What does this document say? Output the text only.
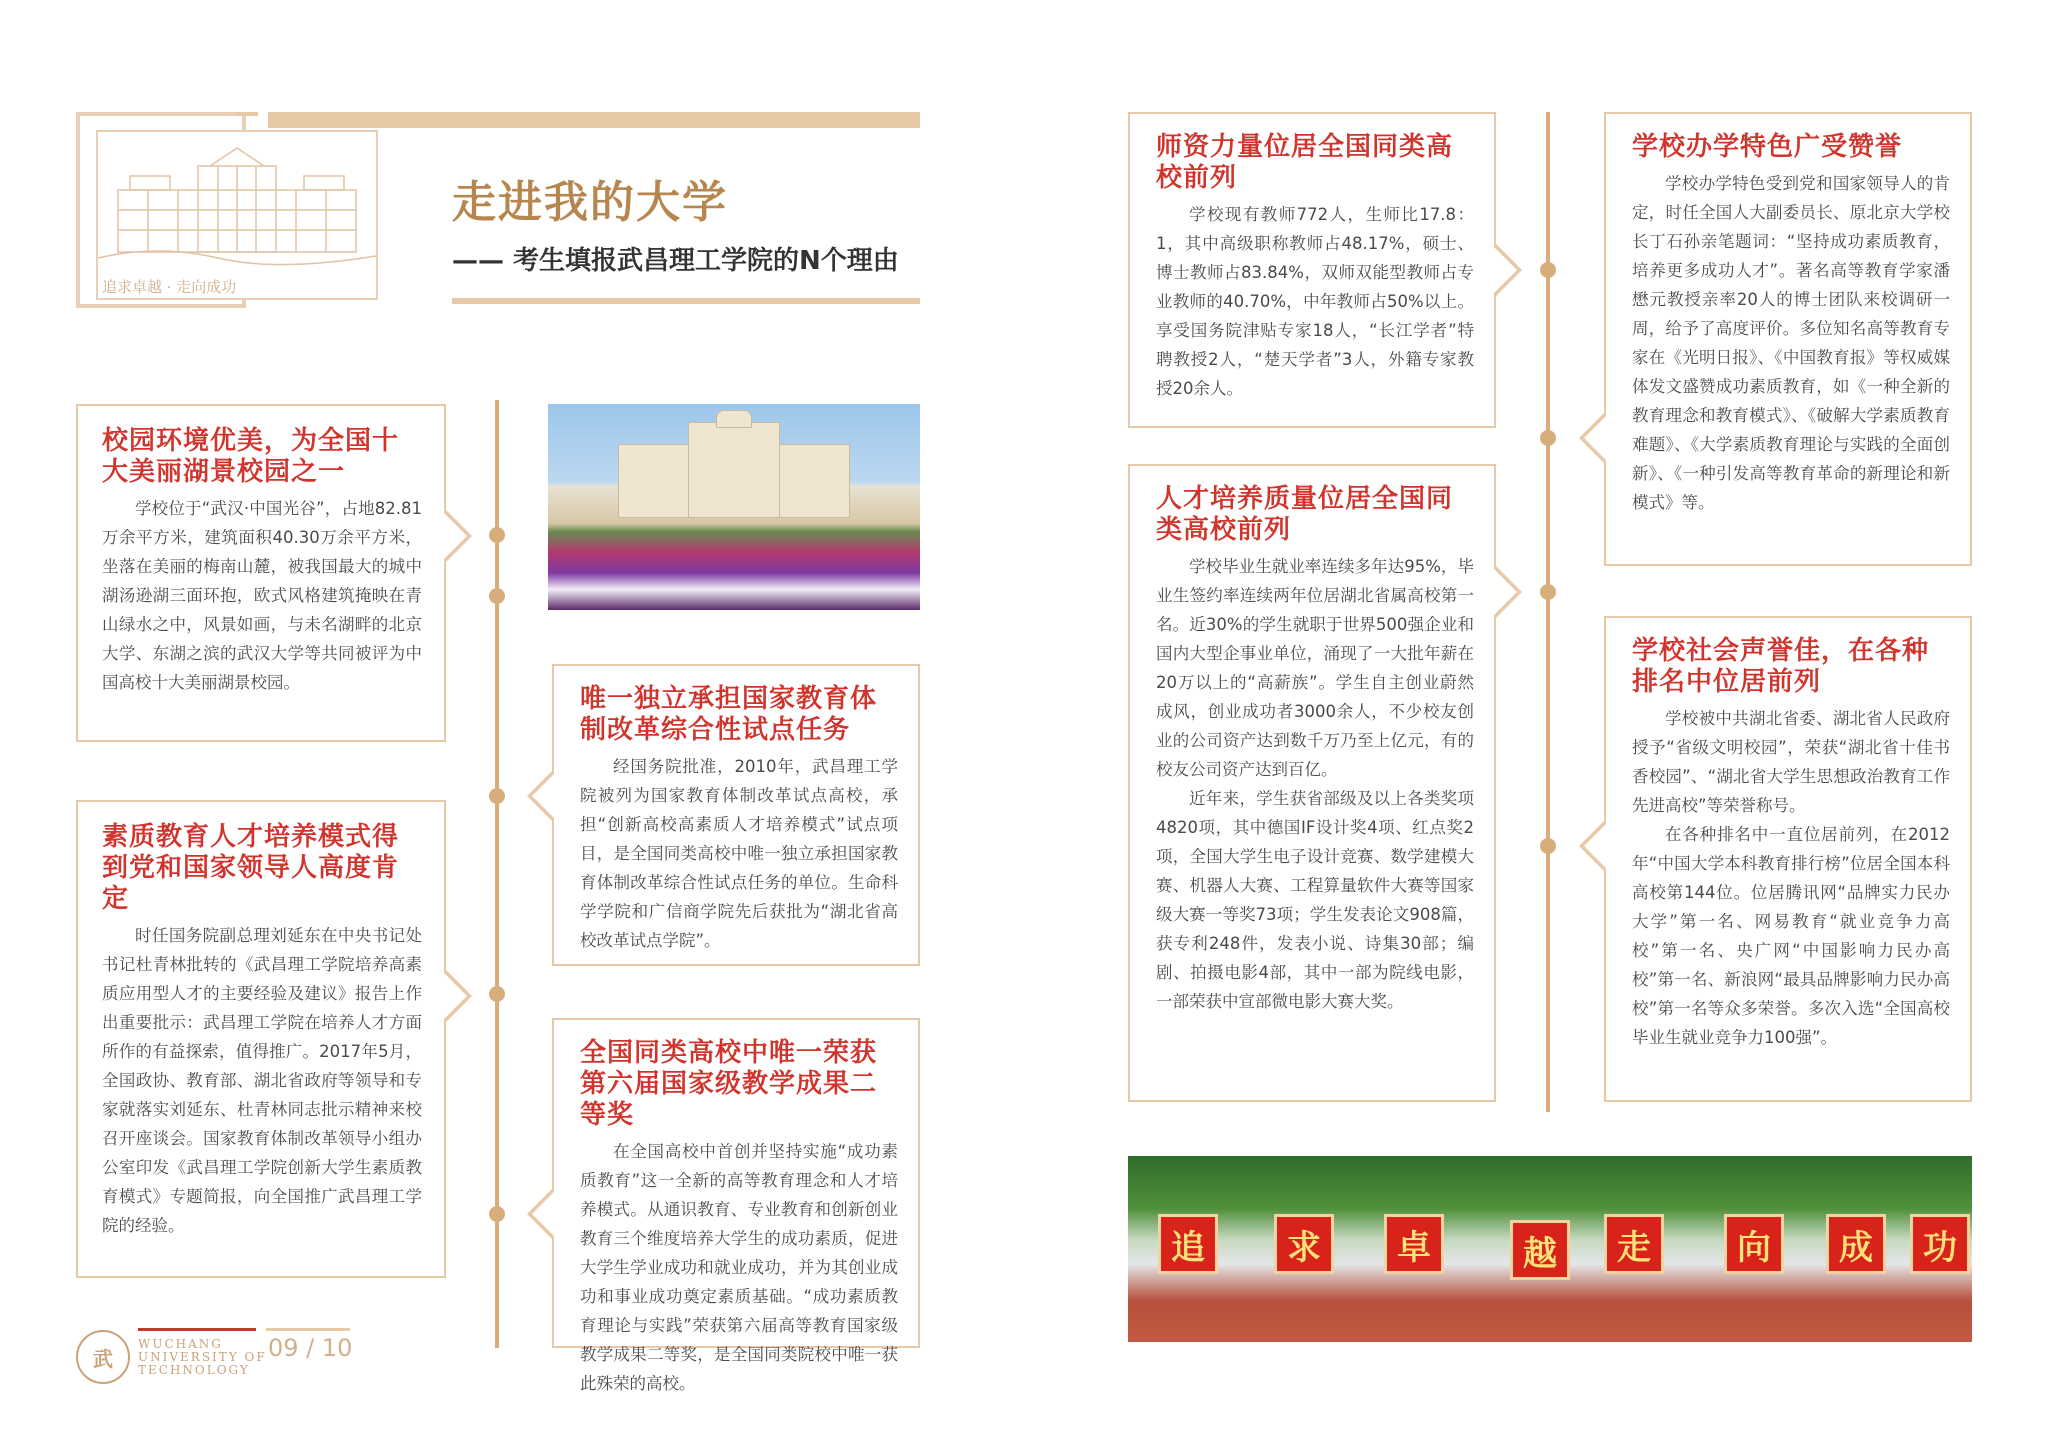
追求卓越 · 走向成功
走进我的大学
—— 考生填报武昌理工学院的N个理由
校园环境优美，为全国十大美丽湖景校园之一

学校位于“武汉·中国光谷”，占地82.81万余平方米，建筑面积40.30万余平方米，坐落在美丽的梅南山麓，被我国最大的城中湖汤逊湖三面环抱，欧式风格建筑掩映在青山绿水之中，风景如画，与未名湖畔的北京大学、东湖之滨的武汉大学等共同被评为中国高校十大美丽湖景校园。

素质教育人才培养模式得到党和国家领导人高度肯定

时任国务院副总理刘延东在中央书记处书记杜青林批转的《武昌理工学院培养高素质应用型人才的主要经验及建议》报告上作出重要批示：武昌理工学院在培养人才方面所作的有益探索，值得推广。2017年5月，全国政协、教育部、湖北省政府等领导和专家就落实刘延东、杜青林同志批示精神来校召开座谈会。国家教育体制改革领导小组办公室印发《武昌理工学院创新大学生素质教育模式》专题简报，向全国推广武昌理工学院的经验。

唯一独立承担国家教育体制改革综合性试点任务

经国务院批准，2010年，武昌理工学院被列为国家教育体制改革试点高校，承担“创新高校高素质人才培养模式”试点项目，是全国同类高校中唯一独立承担国家教育体制改革综合性试点任务的单位。生命科学学院和广信商学院先后获批为“湖北省高校改革试点学院”。

全国同类高校中唯一荣获第六届国家级教学成果二等奖

在全国高校中首创并坚持实施“成功素质教育”这一全新的高等教育理念和人才培养模式。从通识教育、专业教育和创新创业教育三个维度培养大学生的成功素质，促进大学生学业成功和就业成功，并为其创业成功和事业成功奠定素质基础。“成功素质教育理论与实践”荣获第六届高等教育国家级教学成果二等奖，是全国同类院校中唯一获此殊荣的高校。

师资力量位居全国同类高校前列

学校现有教师772人，生师比17.8：1，其中高级职称教师占48.17%，硕士、博士教师占83.84%，双师双能型教师占专业教师的40.70%，中年教师占50%以上。享受国务院津贴专家18人，“长江学者”特聘教授2人，“楚天学者”3人，外籍专家教授20余人。

人才培养质量位居全国同类高校前列

学校毕业生就业率连续多年达95%，毕业生签约率连续两年位居湖北省属高校第一名。近30%的学生就职于世界500强企业和国内大型企事业单位，涌现了一大批年薪在20万以上的“高薪族”。学生自主创业蔚然成风，创业成功者3000余人，不少校友创业的公司资产达到数千万乃至上亿元，有的校友公司资产达到百亿。

近年来，学生获省部级及以上各类奖项4820项，其中德国IF设计奖4项、红点奖2项，全国大学生电子设计竞赛、数学建模大赛、机器人大赛、工程算量软件大赛等国家级大赛一等奖73项；学生发表论文908篇，获专利248件，发表小说、诗集30部；编剧、拍摄电影4部，其中一部为院线电影，一部荣获中宣部微电影大赛大奖。

学校办学特色广受赞誉

学校办学特色受到党和国家领导人的肯定，时任全国人大副委员长、原北京大学校长丁石孙亲笔题词：“坚持成功素质教育，培养更多成功人才”。著名高等教育学家潘懋元教授亲率20人的博士团队来校调研一周，给予了高度评价。多位知名高等教育专家在《光明日报》、《中国教育报》等权威媒体发文盛赞成功素质教育，如《一种全新的教育理念和教育模式》、《破解大学素质教育难题》、《大学素质教育理论与实践的全面创新》、《一种引发高等教育革命的新理论和新模式》等。

学校社会声誉佳，在各种排名中位居前列

学校被中共湖北省委、湖北省人民政府授予“省级文明校园”，荣获“湖北省十佳书香校园”、“湖北省大学生思想政治教育工作先进高校”等荣誉称号。

在各种排名中一直位居前列，在2012年“中国大学本科教育排行榜”位居全国本科高校第144位。位居腾讯网“品牌实力民办大学”第一名、网易教育“就业竞争力高校”第一名、央广网“中国影响力民办高校”第一名、新浪网“最具品牌影响力民办高校”第一名等众多荣誉。多次入选“全国高校毕业生就业竞争力100强”。

追	求	卓	越	走	向	成	功
武
WUCHANG
UNIVERSITY OF
TECHNOLOGY
09 / 10
